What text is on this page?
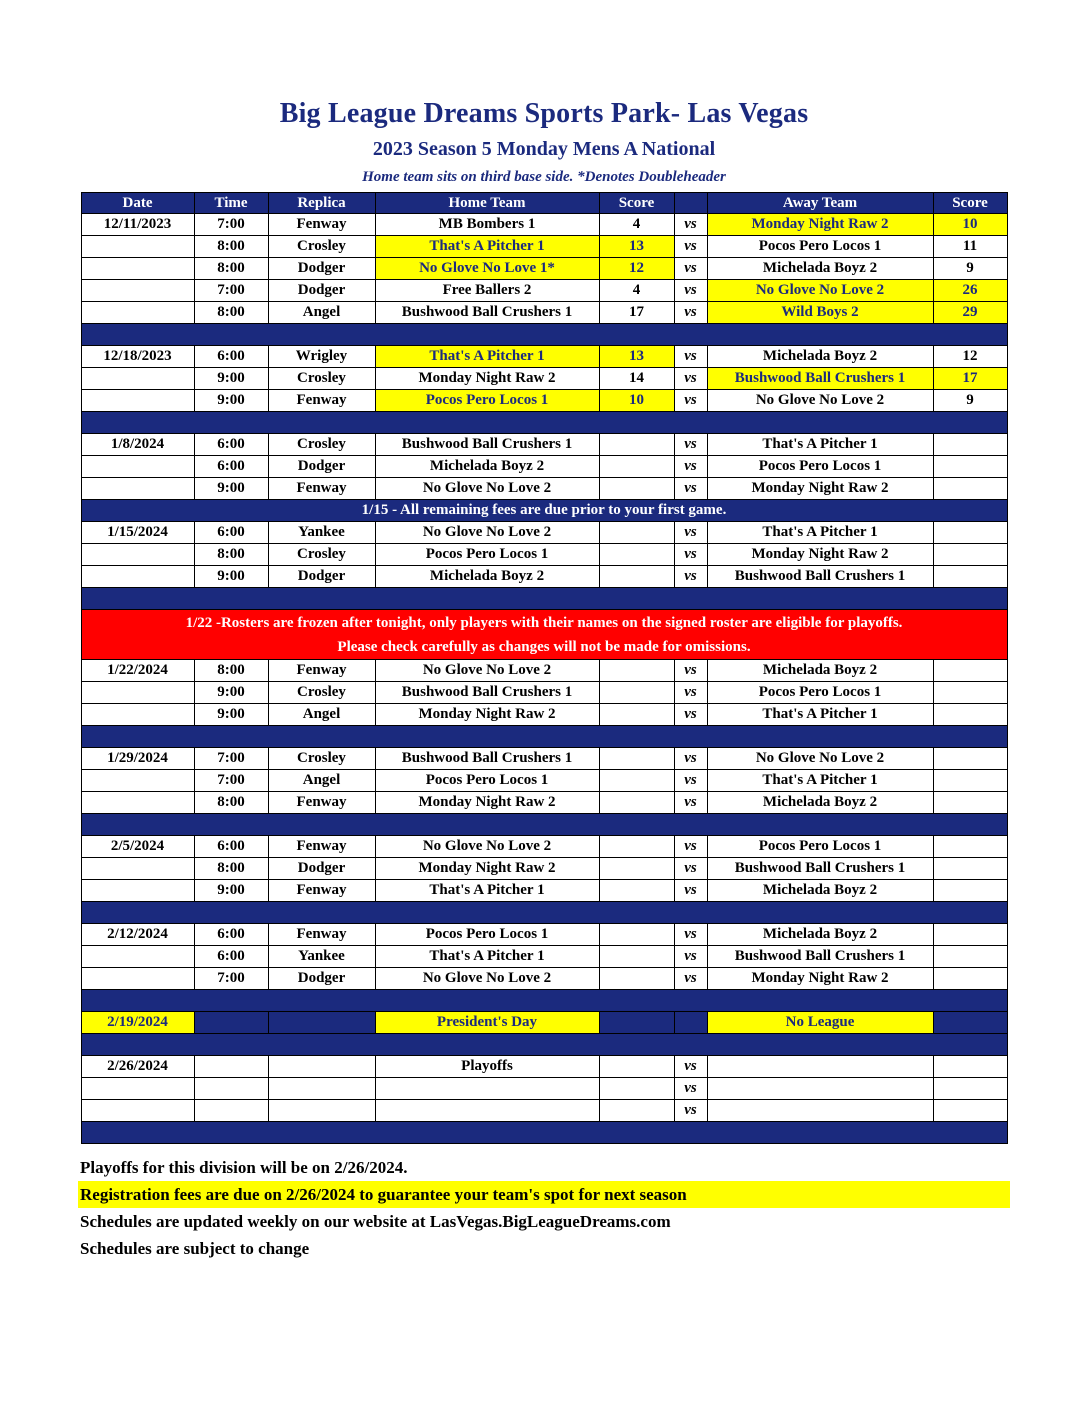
Big League Dreams Sports Park- Las Vegas
2023 Season 5 Monday Mens A National
Home team sits on third base side. *Denotes Doubleheader
Date	Time	Replica	Home Team	Score		Away Team	Score
12/11/2023	7:00	Fenway	MB Bombers 1	4	vs	Monday Night Raw 2	10
	8:00	Crosley	That's A Pitcher 1	13	vs	Pocos Pero Locos 1	11
	8:00	Dodger	No Glove No Love 1*	12	vs	Michelada Boyz 2	9
	7:00	Dodger	Free Ballers 2	4	vs	No Glove No Love 2	26
	8:00	Angel	Bushwood Ball Crushers 1	17	vs	Wild Boys 2	29

12/18/2023	6:00	Wrigley	That's A Pitcher 1	13	vs	Michelada Boyz 2	12
	9:00	Crosley	Monday Night Raw 2	14	vs	Bushwood Ball Crushers 1	17
	9:00	Fenway	Pocos Pero Locos 1	10	vs	No Glove No Love 2	9

1/8/2024	6:00	Crosley	Bushwood Ball Crushers 1		vs	That's A Pitcher 1	
	6:00	Dodger	Michelada Boyz 2		vs	Pocos Pero Locos 1	
	9:00	Fenway	No Glove No Love 2		vs	Monday Night Raw 2	

1/15 - All remaining fees are due prior to your first game.							

1/15/2024	6:00	Yankee	No Glove No Love 2		vs	That's A Pitcher 1	
	8:00	Crosley	Pocos Pero Locos 1		vs	Monday Night Raw 2	
	9:00	Dodger	Michelada Boyz 2		vs	Bushwood Ball Crushers 1	

1/22 -Rosters are frozen after tonight, only players with their names on the signed roster are eligible for playoffs.
Please check carefully as changes will not be made for omissions.							

1/22/2024	8:00	Fenway	No Glove No Love 2		vs	Michelada Boyz 2	
	9:00	Crosley	Bushwood Ball Crushers 1		vs	Pocos Pero Locos 1	
	9:00	Angel	Monday Night Raw 2		vs	That's A Pitcher 1	

1/29/2024	7:00	Crosley	Bushwood Ball Crushers 1		vs	No Glove No Love 2	
	7:00	Angel	Pocos Pero Locos 1		vs	That's A Pitcher 1	
	8:00	Fenway	Monday Night Raw 2		vs	Michelada Boyz 2	

2/5/2024	6:00	Fenway	No Glove No Love 2		vs	Pocos Pero Locos 1	
	8:00	Dodger	Monday Night Raw 2		vs	Bushwood Ball Crushers 1	
	9:00	Fenway	That's A Pitcher 1		vs	Michelada Boyz 2	

2/12/2024	6:00	Fenway	Pocos Pero Locos 1		vs	Michelada Boyz 2	
	6:00	Yankee	That's A Pitcher 1		vs	Bushwood Ball Crushers 1	
	7:00	Dodger	No Glove No Love 2		vs	Monday Night Raw 2	

2/19/2024			President's Day			No League	

2/26/2024			Playoffs		vs		
					vs		
					vs		

Playoffs for this division will be on 2/26/2024.
Registration fees are due on 2/26/2024 to guarantee your team's spot for next season
Schedules are updated weekly on our website at LasVegas.BigLeagueDreams.com
Schedules are subject to change
